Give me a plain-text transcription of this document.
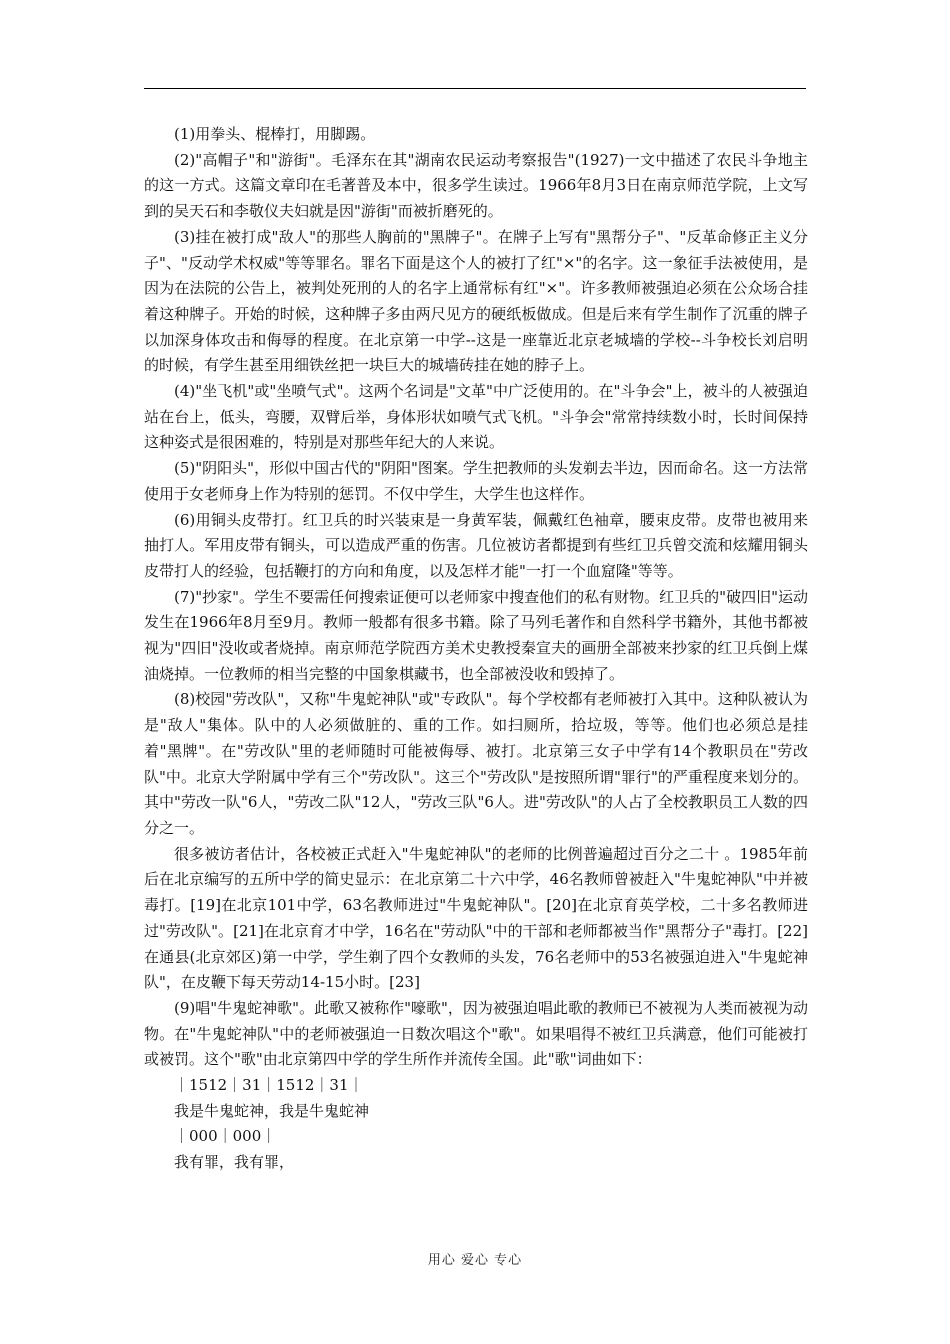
(1)用拳头、棍棒打，用脚踢。

(2)"高帽子"和"游街"。毛泽东在其"湖南农民运动考察报告"(1927)一文中描述了农民斗争地主的这一方式。这篇文章印在毛著普及本中，很多学生读过。1966年8月3日在南京师范学院，上文写到的吴天石和李敬仪夫妇就是因"游街"而被折磨死的。

(3)挂在被打成"敌人"的那些人胸前的"黑牌子"。在牌子上写有"黑帮分子"、"反革命修正主义分子"、"反动学术权威"等等罪名。罪名下面是这个人的被打了红"×"的名字。这一象征手法被使用，是因为在法院的公告上，被判处死刑的人的名字上通常标有红"×"。许多教师被强迫必须在公众场合挂着这种牌子。开始的时候，这种牌子多由两尺见方的硬纸板做成。但是后来有学生制作了沉重的牌子以加深身体攻击和侮辱的程度。在北京第一中学--这是一座靠近北京老城墙的学校--斗争校长刘启明的时候，有学生甚至用细铁丝把一块巨大的城墙砖挂在她的脖子上。

(4)"坐飞机"或"坐喷气式"。这两个名词是"文革"中广泛使用的。在"斗争会"上，被斗的人被强迫站在台上，低头，弯腰，双臂后举，身体形状如喷气式飞机。"斗争会"常常持续数小时，长时间保持这种姿式是很困难的，特别是对那些年纪大的人来说。

(5)"阴阳头"，形似中国古代的"阴阳"图案。学生把教师的头发剃去半边，因而命名。这一方法常使用于女老师身上作为特别的惩罚。不仅中学生，大学生也这样作。

(6)用铜头皮带打。红卫兵的时兴装束是一身黄军装，佩戴红色袖章，腰束皮带。皮带也被用来抽打人。军用皮带有铜头，可以造成严重的伤害。几位被访者都提到有些红卫兵曾交流和炫耀用铜头皮带打人的经验，包括鞭打的方向和角度，以及怎样才能"一打一个血窟隆"等等。

(7)"抄家"。学生不要需任何搜索证便可以老师家中搜查他们的私有财物。红卫兵的"破四旧"运动发生在1966年8月至9月。教师一般都有很多书籍。除了马列毛著作和自然科学书籍外，其他书都被视为"四旧"没收或者烧掉。南京师范学院西方美术史教授秦宣夫的画册全部被来抄家的红卫兵倒上煤油烧掉。一位教师的相当完整的中国象棋藏书，也全部被没收和毁掉了。

(8)校园"劳改队"，又称"牛鬼蛇神队"或"专政队"。每个学校都有老师被打入其中。这种队被认为是"敌人"集体。队中的人必须做脏的、重的工作。如扫厕所，拾垃圾，等等。他们也必须总是挂着"黑牌"。在"劳改队"里的老师随时可能被侮辱、被打。北京第三女子中学有14个教职员在"劳改队"中。北京大学附属中学有三个"劳改队"。这三个"劳改队"是按照所谓"罪行"的严重程度来划分的。其中"劳改一队"6人，"劳改二队"12人，"劳改三队"6人。进"劳改队"的人占了全校教职员工人数的四分之一。

很多被访者估计，各校被正式赶入"牛鬼蛇神队"的老师的比例普遍超过百分之二十 。1985年前后在北京编写的五所中学的简史显示：在北京第二十六中学，46名教师曾被赶入"牛鬼蛇神队"中并被毒打。[19]在北京101中学，63名教师进过"牛鬼蛇神队"。[20]在北京育英学校，二十多名教师进过"劳改队"。[21]在北京育才中学，16名在"劳动队"中的干部和老师都被当作"黑帮分子"毒打。[22]在通县(北京郊区)第一中学，学生剃了四个女教师的头发，76名老师中的53名被强迫进入"牛鬼蛇神队"，在皮鞭下每天劳动14-15小时。[23]

(9)唱"牛鬼蛇神歌"。此歌又被称作"嚎歌"，因为被强迫唱此歌的教师已不被视为人类而被视为动物。在"牛鬼蛇神队"中的老师被强迫一日数次唱这个"歌"。如果唱得不被红卫兵满意，他们可能被打或被罚。这个"歌"由北京第四中学的学生所作并流传全国。此"歌"词曲如下：

｜1512｜31｜1512｜31｜

我是牛鬼蛇神，我是牛鬼蛇神

｜000｜000｜

我有罪，我有罪，

用心 爱心 专心
